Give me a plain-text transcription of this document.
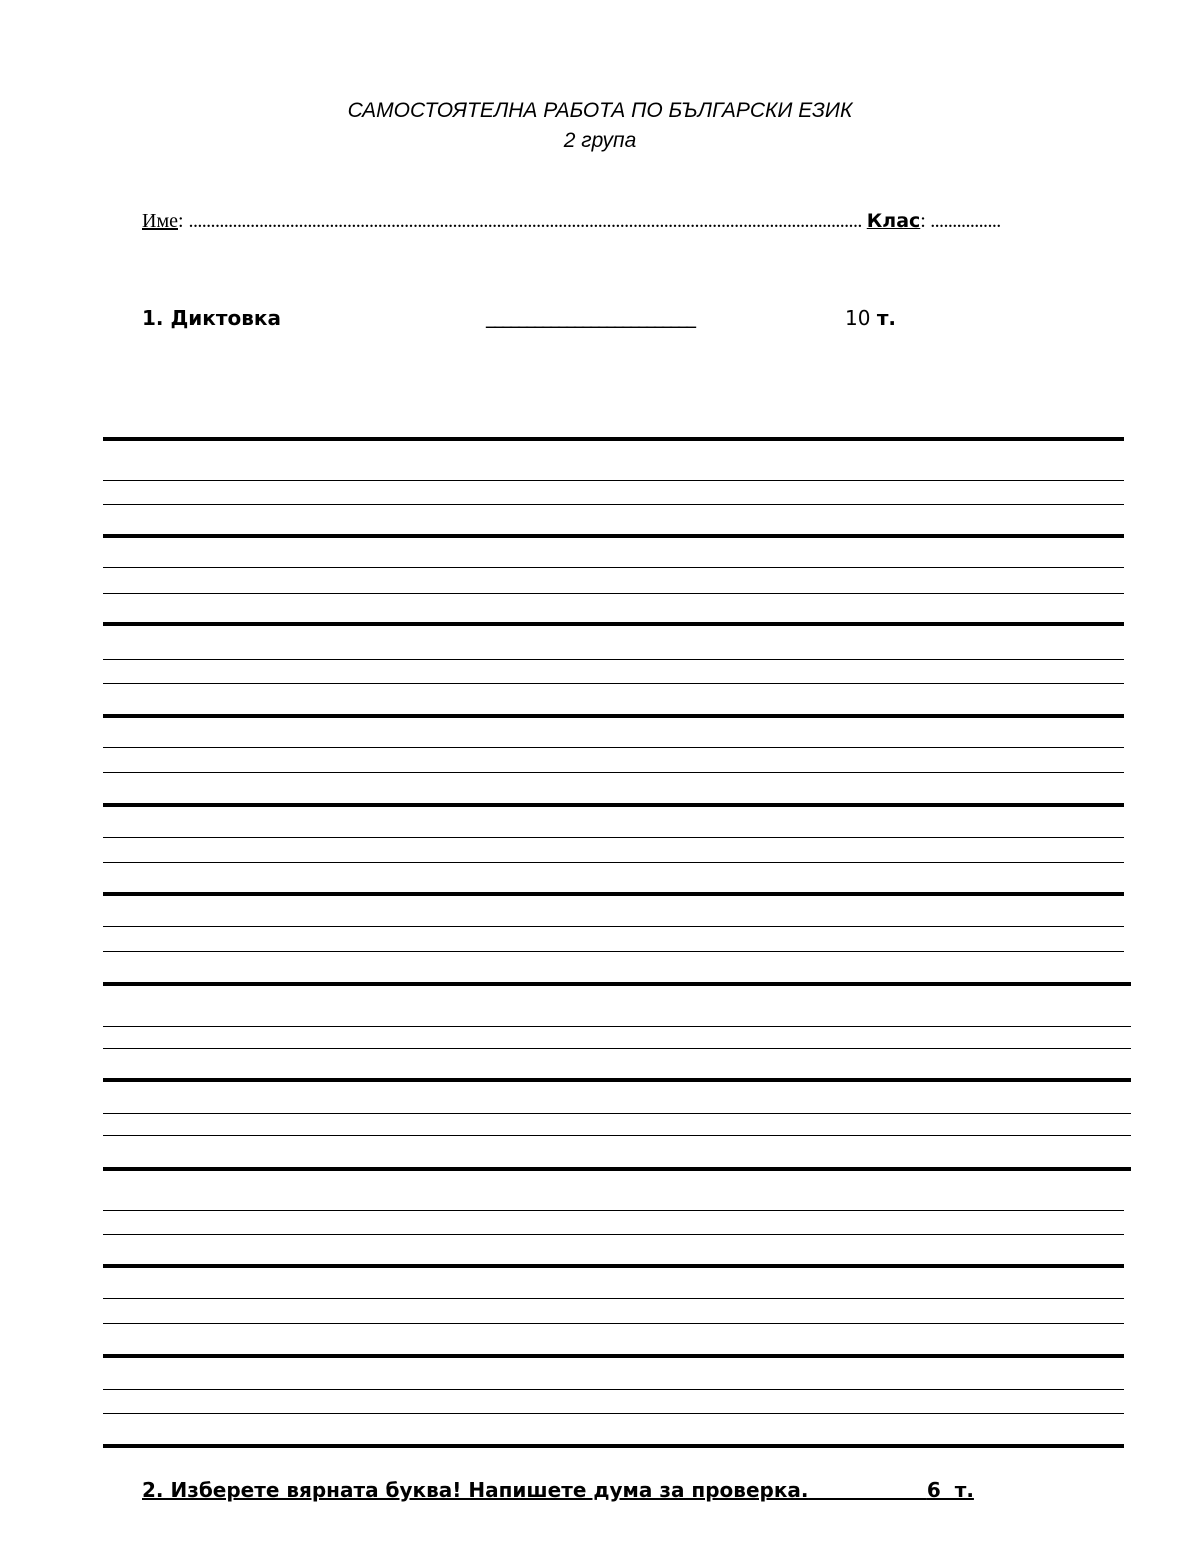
САМОСТОЯТЕЛНА РАБОТА ПО БЪЛГАРСКИ ЕЗИК
2 група
Име: ......................................................................................................................................................... Клас: ................
1. Диктовка	__________________________	10 т.
2. Изберете вярната буква! Напишете дума за проверка.	6  т.
